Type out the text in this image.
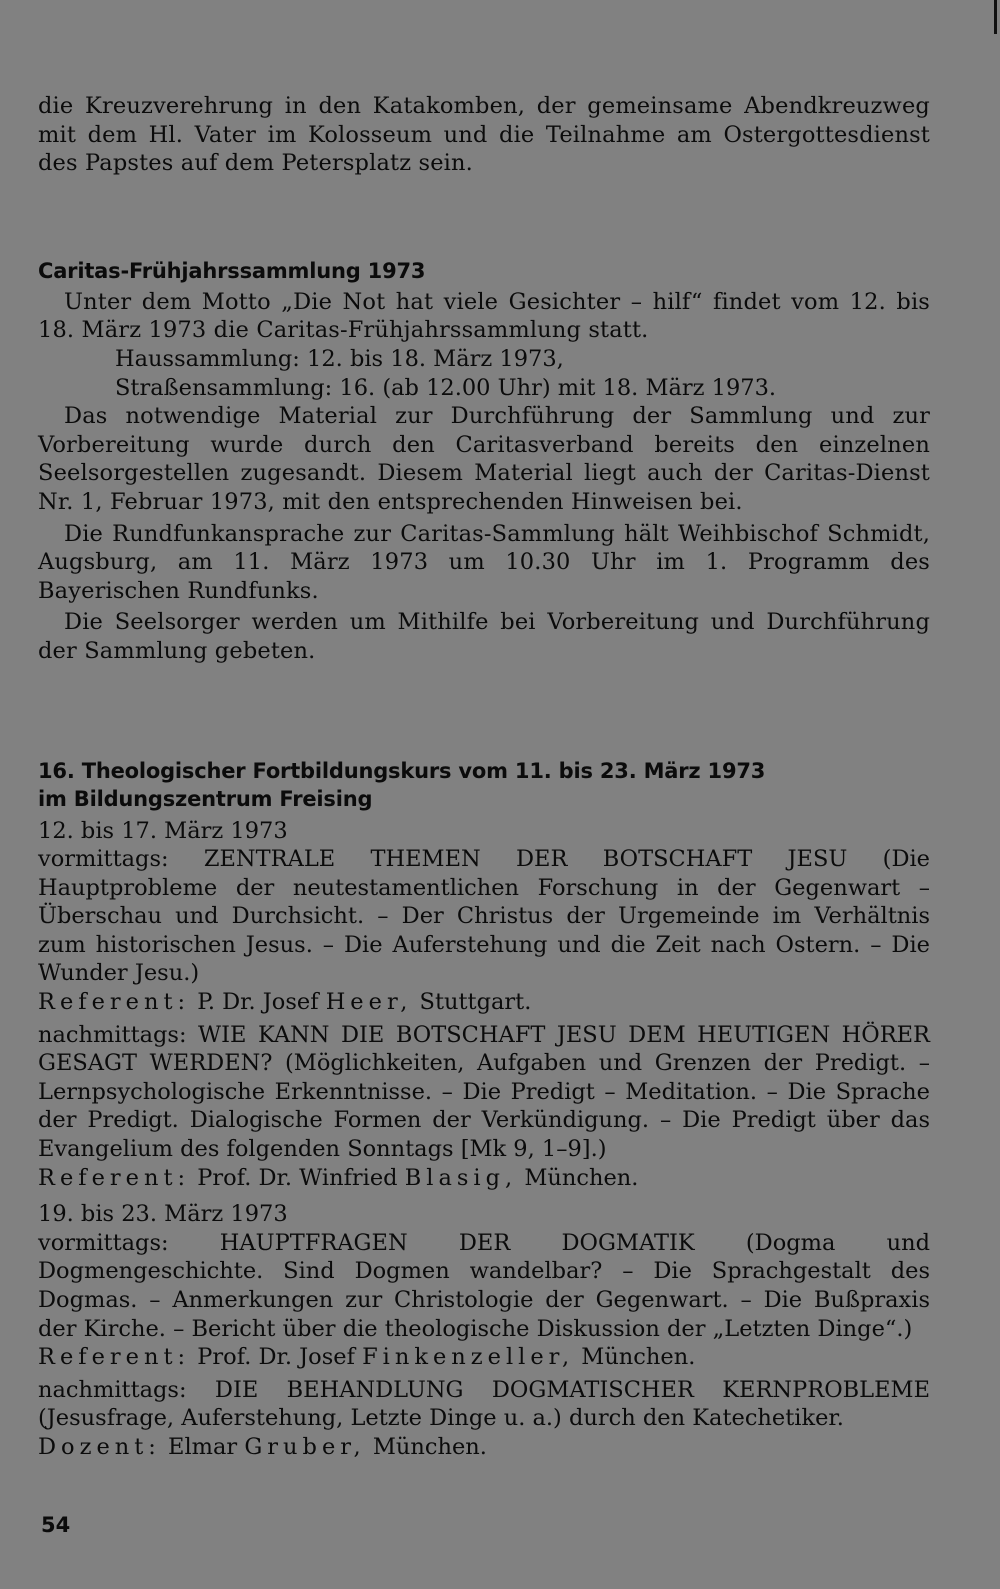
die Kreuzverehrung in den Katakomben, der gemeinsame Abendkreuzweg mit dem Hl. Vater im Kolosseum und die Teilnahme am Ostergottesdienst des Papstes auf dem Petersplatz sein.

Caritas-Frühjahrssammlung 1973

Unter dem Motto „Die Not hat viele Gesichter – hilf“ findet vom 12. bis 18. März 1973 die Caritas-Frühjahrssammlung statt.

Haussammlung: 12. bis 18. März 1973,
Straßensammlung: 16. (ab 12.00 Uhr) mit 18. März 1973.

Das notwendige Material zur Durchführung der Sammlung und zur Vorbereitung wurde durch den Caritasverband bereits den einzelnen Seelsorgestellen zugesandt. Diesem Material liegt auch der Caritas-Dienst Nr. 1, Februar 1973, mit den entsprechenden Hinweisen bei.

Die Rundfunkansprache zur Caritas-Sammlung hält Weihbischof Schmidt, Augsburg, am 11. März 1973 um 10.30 Uhr im 1. Programm des Bayerischen Rundfunks.

Die Seelsorger werden um Mithilfe bei Vorbereitung und Durchführung der Sammlung gebeten.

16. Theologischer Fortbildungskurs vom 11. bis 23. März 1973
im Bildungszentrum Freising
12. bis 17. März 1973

vormittags: ZENTRALE THEMEN DER BOTSCHAFT JESU (Die Hauptprobleme der neutestamentlichen Forschung in der Gegenwart – Überschau und Durchsicht. – Der Christus der Urgemeinde im Verhältnis zum historischen Jesus. – Die Auferstehung und die Zeit nach Ostern. – Die Wunder Jesu.)

Referent: P. Dr. Josef Heer, Stuttgart.

nachmittags: WIE KANN DIE BOTSCHAFT JESU DEM HEUTIGEN HÖRER GESAGT WERDEN? (Möglichkeiten, Aufgaben und Grenzen der Predigt. – Lernpsychologische Erkenntnisse. – Die Predigt – Meditation. – Die Sprache der Predigt. Dialogische Formen der Verkündigung. – Die Predigt über das Evangelium des folgenden Sonntags [Mk 9, 1–9].)

Referent: Prof. Dr. Winfried Blasig, München.
19. bis 23. März 1973

vormittags: HAUPTFRAGEN DER DOGMATIK (Dogma und Dogmengeschichte. Sind Dogmen wandelbar? – Die Sprachgestalt des Dogmas. – Anmerkungen zur Christologie der Gegenwart. – Die Bußpraxis der Kirche. – Bericht über die theologische Diskussion der „Letzten Dinge“.)

Referent: Prof. Dr. Josef Finkenzeller, München.

nachmittags: DIE BEHANDLUNG DOGMATISCHER KERNPROBLEME (Jesusfrage, Auferstehung, Letzte Dinge u. a.) durch den Katechetiker.

Dozent: Elmar Gruber, München.
54
